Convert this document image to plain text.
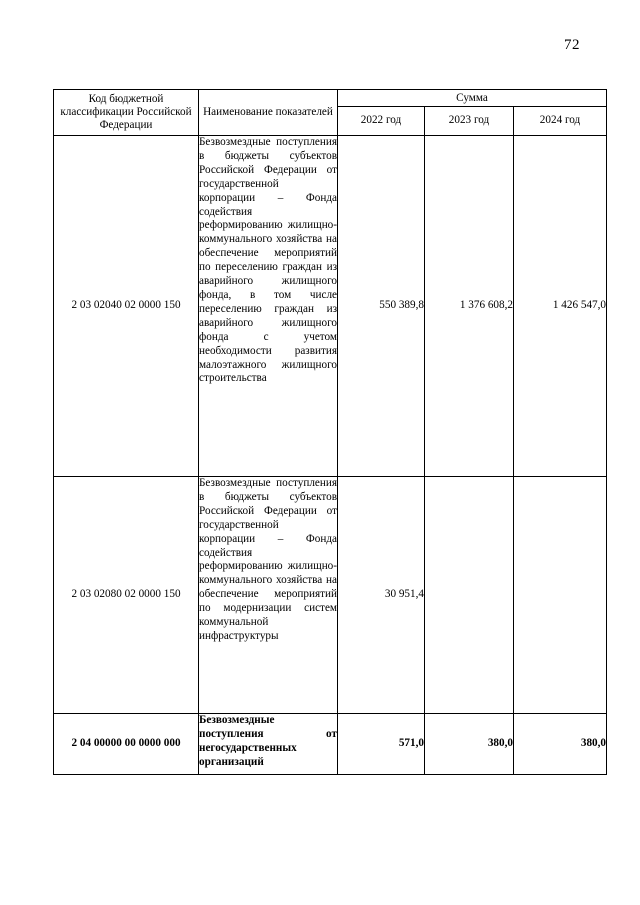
72
Код бюджетной классификации Российской Федерации	Наименование показателей	Сумма		
		2022 год	2023 год	2024 год
2 03 02040 02 0000 150	Безвозмездные поступления в бюджеты субъектов Российской Федерации от государственной корпорации – Фонда содействия реформированию жилищно-коммунального хозяйства на обеспечение мероприятий по переселению граждан из аварийного жилищного фонда, в том числе переселению граждан из аварийного жилищного фонда с учетом необходимости развития малоэтажного жилищного строительства	550 389,8	1 376 608,2	1 426 547,0
2 03 02080 02 0000 150	Безвозмездные поступления в бюджеты субъектов Российской Федерации от государственной корпорации – Фонда содействия реформированию жилищно-коммунального хозяйства на обеспечение мероприятий по модернизации систем коммунальной инфраструктуры	30 951,4		
2 04 00000 00 0000 000	Безвозмездные поступления от негосударственных организаций	571,0	380,0	380,0
